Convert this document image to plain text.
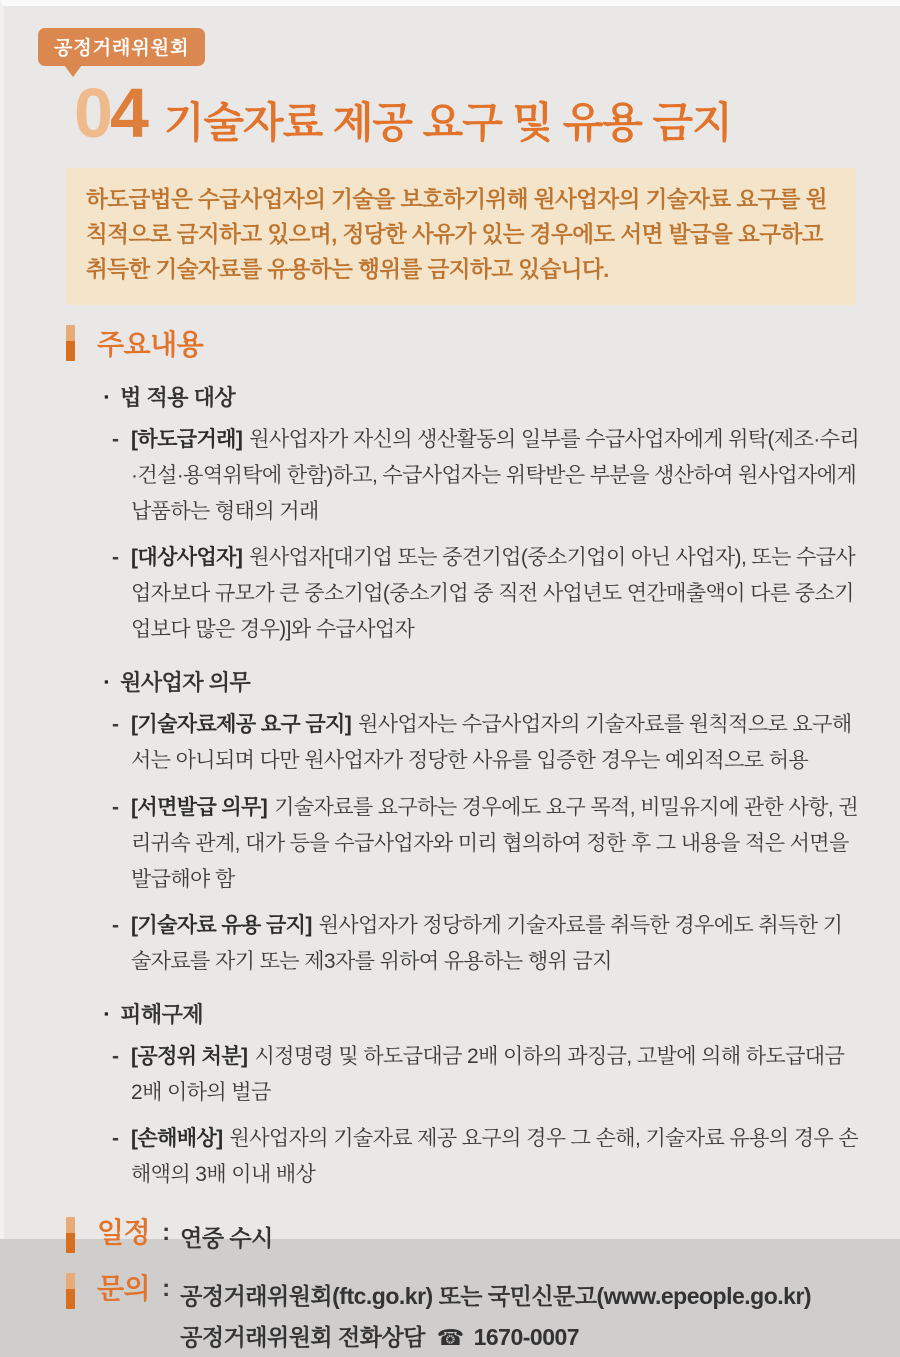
공정거래위원회
04 기술자료 제공 요구 및 유용 금지
하도급법은 수급사업자의 기술을 보호하기위해 원사업자의 기술자료 요구를 원칙적으로 금지하고 있으며, 정당한 사유가 있는 경우에도 서면 발급을 요구하고 취득한 기술자료를 유용하는 행위를 금지하고 있습니다.
주요내용
▪ 법 적용 대상
- [하도급거래] 원사업자가 자신의 생산활동의 일부를 수급사업자에게 위탁(제조·수리·건설·용역위탁에 한함)하고, 수급사업자는 위탁받은 부분을 생산하여 원사업자에게 납품하는 형태의 거래
- [대상사업자] 원사업자[대기업 또는 중견기업(중소기업이 아닌 사업자), 또는 수급사업자보다 규모가 큰 중소기업(중소기업 중 직전 사업년도 연간매출액이 다른 중소기업보다 많은 경우)]와 수급사업자
▪ 원사업자 의무
- [기술자료제공 요구 금지] 원사업자는 수급사업자의 기술자료를 원칙적으로 요구해서는 아니되며 다만 원사업자가 정당한 사유를 입증한 경우는 예외적으로 허용
- [서면발급 의무] 기술자료를 요구하는 경우에도 요구 목적, 비밀유지에 관한 사항, 권리귀속 관계, 대가 등을 수급사업자와 미리 협의하여 정한 후 그 내용을 적은 서면을 발급해야 함
- [기술자료 유용 금지] 원사업자가 정당하게 기술자료를 취득한 경우에도 취득한 기술자료를 자기 또는 제3자를 위하여 유용하는 행위 금지
▪ 피해구제
- [공정위 처분] 시정명령 및 하도급대금 2배 이하의 과징금, 고발에 의해 하도급대금 2배 이하의 벌금
- [손해배상] 원사업자의 기술자료 제공 요구의 경우 그 손해, 기술자료 유용의 경우 손해액의 3배 이내 배상
일정 : 연중 수시
문의 : 공정거래위원회(ftc.go.kr) 또는 국민신문고(www.epeople.go.kr)
공정거래위원회 전화상담 ☎ 1670-0007
